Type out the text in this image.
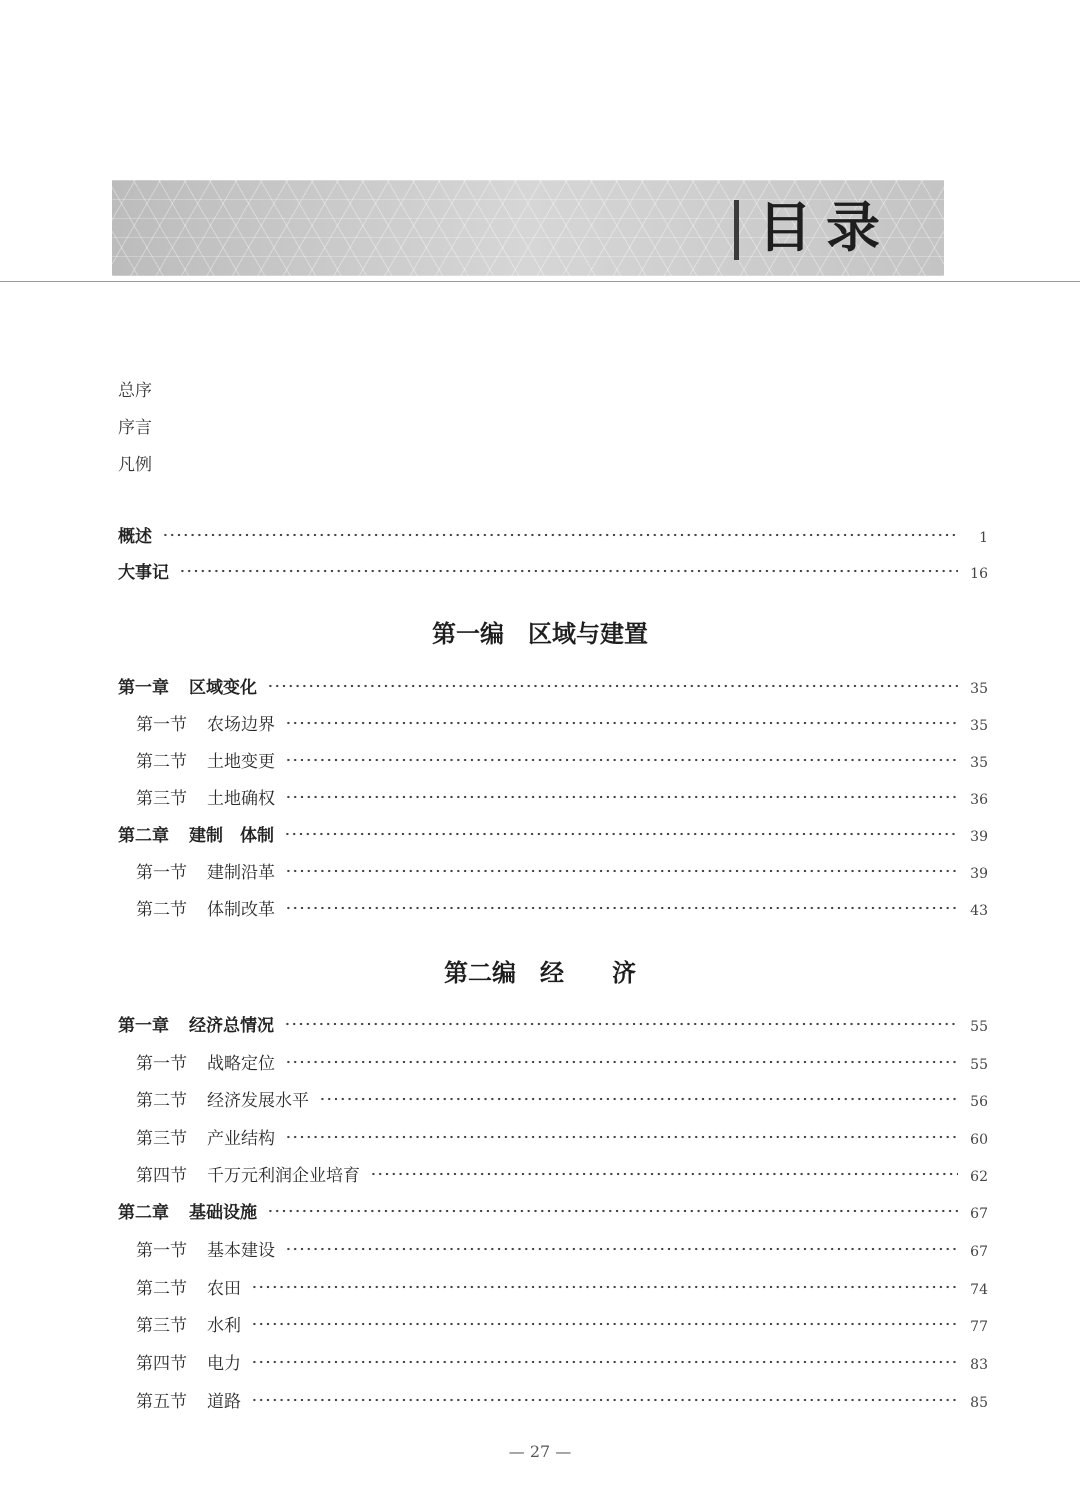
目录
总序
序言
凡例
概述	1
大事记	16
第一编　区域与建置
第一章 区域变化	35
第一节 农场边界	35
第二节 土地变更	35
第三节 土地确权	36
第二章 建制　体制	39
第一节 建制沿革	39
第二节 体制改革	43
第二编　经　　济
第一章 经济总情况	55
第一节 战略定位	55
第二节 经济发展水平	56
第三节 产业结构	60
第四节 千万元利润企业培育	62
第二章 基础设施	67
第一节 基本建设	67
第二节 农田	74
第三节 水利	77
第四节 电力	83
第五节 道路	85
— 27 —
